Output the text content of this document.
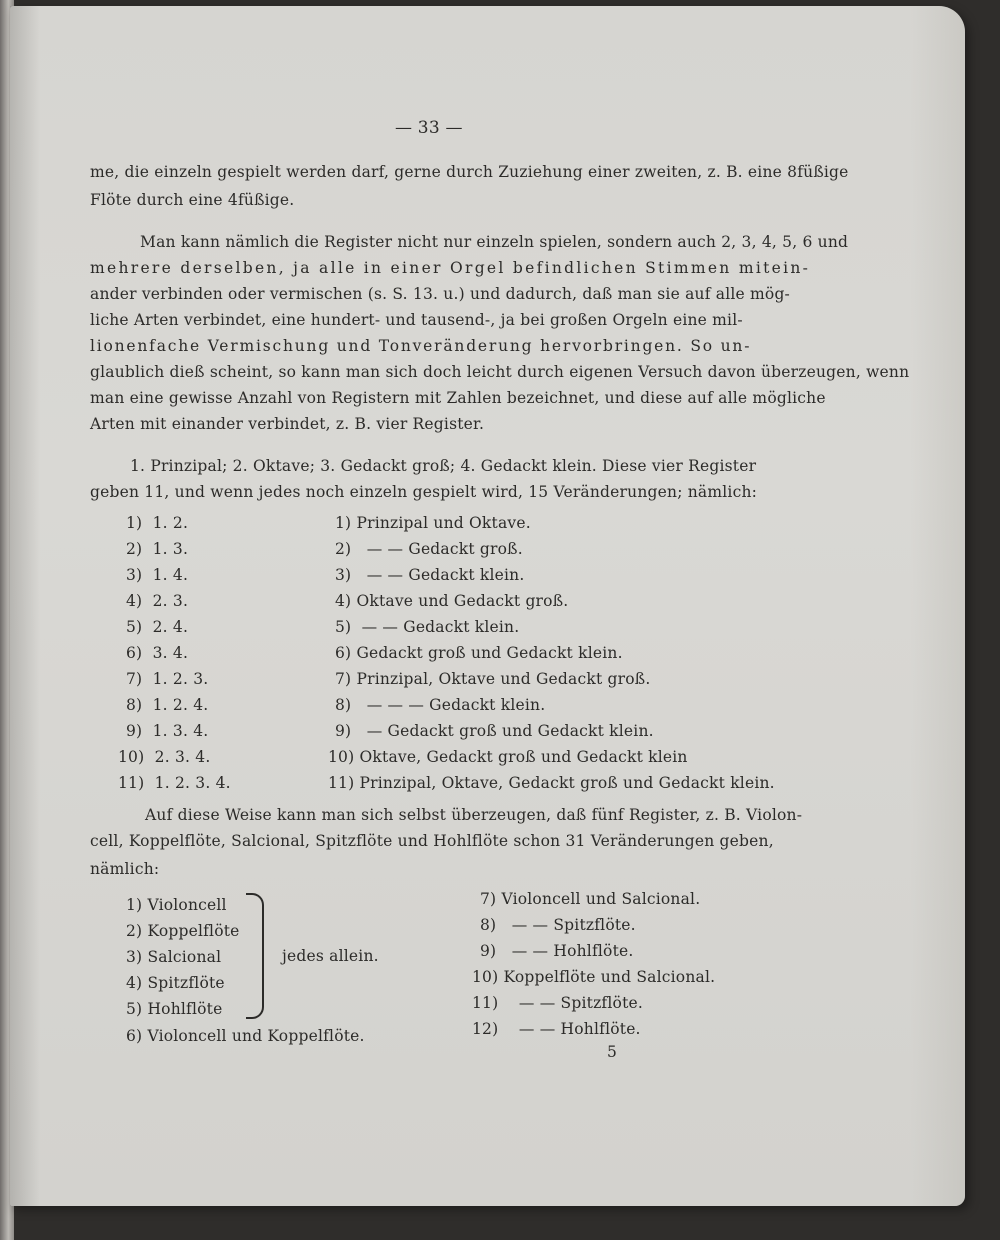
— 33 —
me, die einzeln gespielt werden darf, gerne durch Zuziehung einer zweiten, z. B. eine 8füßige
Flöte durch eine 4füßige.
Man kann nämlich die Register nicht nur einzeln spielen, sondern auch 2, 3, 4, 5, 6 und
mehrere derselben, ja alle in einer Orgel befindlichen Stimmen mitein-
ander verbinden oder vermischen (s. S. 13. u.) und dadurch, daß man sie auf alle mög-
liche Arten verbindet, eine hundert- und tausend-, ja bei großen Orgeln eine mil-
lionenfache Vermischung und Tonveränderung hervorbringen. So un-
glaublich dieß scheint, so kann man sich doch leicht durch eigenen Versuch davon überzeugen, wenn
man eine gewisse Anzahl von Registern mit Zahlen bezeichnet, und diese auf alle mögliche
Arten mit einander verbindet, z. B. vier Register.
1. Prinzipal; 2. Oktave; 3. Gedackt groß; 4. Gedackt klein. Diese vier Register
geben 11, und wenn jedes noch einzeln gespielt wird, 15 Veränderungen; nämlich:
1) 1. 2.
2) 1. 3.
3) 1. 4.
4) 2. 3.
5) 2. 4.
6) 3. 4.
7) 1. 2. 3.
8) 1. 2. 4.
9) 1. 3. 4.
10) 2. 3. 4.
11) 1. 2. 3. 4.
1) Prinzipal und Oktave.
2) — — Gedackt groß.
3) — — Gedackt klein.
4) Oktave und Gedackt groß.
5) — — Gedackt klein.
6) Gedackt groß und Gedackt klein.
7) Prinzipal, Oktave und Gedackt groß.
8) — — — Gedackt klein.
9) — Gedackt groß und Gedackt klein.
10) Oktave, Gedackt groß und Gedackt klein
11) Prinzipal, Oktave, Gedackt groß und Gedackt klein.
Auf diese Weise kann man sich selbst überzeugen, daß fünf Register, z. B. Violon-
cell, Koppelflöte, Salcional, Spitzflöte und Hohlflöte schon 31 Veränderungen geben,
nämlich:
1) Violoncell
2) Koppelflöte
3) Salcional
4) Spitzflöte
5) Hohlflöte
jedes allein.
6) Violoncell und Koppelflöte.
7) Violoncell und Salcional.
8) — — Spitzflöte.
9) — — Hohlflöte.
10) Koppelflöte und Salcional.
11) — — Spitzflöte.
12) — — Hohlflöte.
5
